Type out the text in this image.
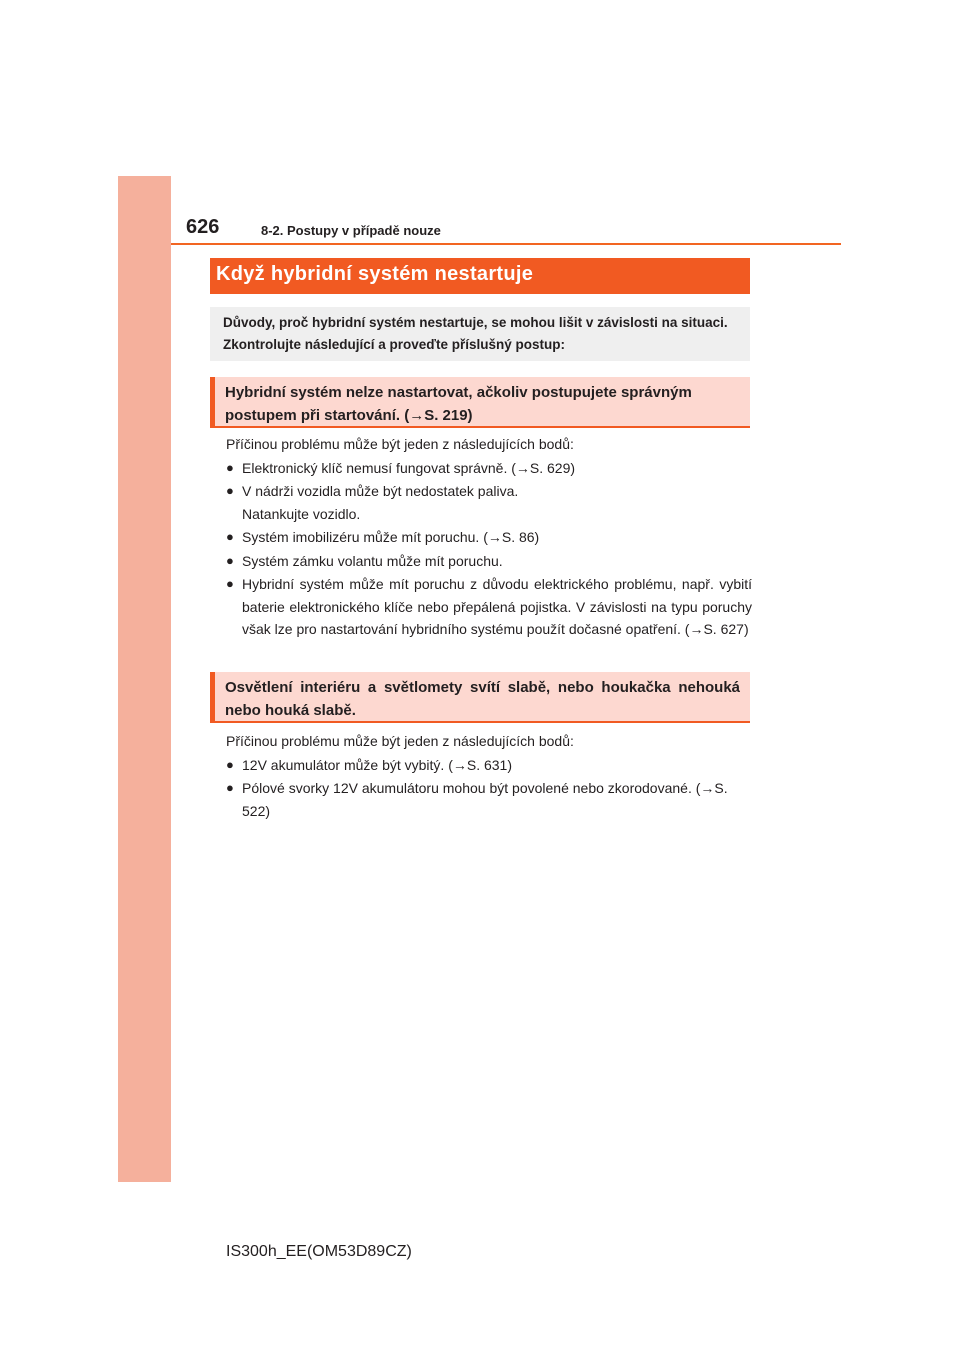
626	8-2. Postupy v případě nouze
Když hybridní systém nestartuje
Důvody, proč hybridní systém nestartuje, se mohou lišit v závislosti na situaci.
Zkontrolujte následující a proveďte příslušný postup:
Hybridní systém nelze nastartovat, ačkoliv postupujete správným
postupem při startování. (→S. 219)
Příčinou problému může být jeden z následujících bodů:
● Elektronický klíč nemusí fungovat správně. (→S. 629)
● V nádrži vozidla může být nedostatek paliva.
Natankujte vozidlo.
● Systém imobilizéru může mít poruchu. (→S. 86)
● Systém zámku volantu může mít poruchu.
● Hybridní systém může mít poruchu z důvodu elektrického problému, např. vybití baterie elektronického klíče nebo přepálená pojistka. V závislosti na typu poruchy však lze pro nastartování hybridního systému použít dočasné opatření. (→S. 627)
Osvětlení interiéru a světlomety svítí slabě, nebo houkačka nehouká nebo houká slabě.
Příčinou problému může být jeden z následujících bodů:
● 12V akumulátor může být vybitý. (→S. 631)
● Pólové svorky 12V akumulátoru mohou být povolené nebo zkorodované. (→S. 522)
IS300h_EE(OM53D89CZ)
